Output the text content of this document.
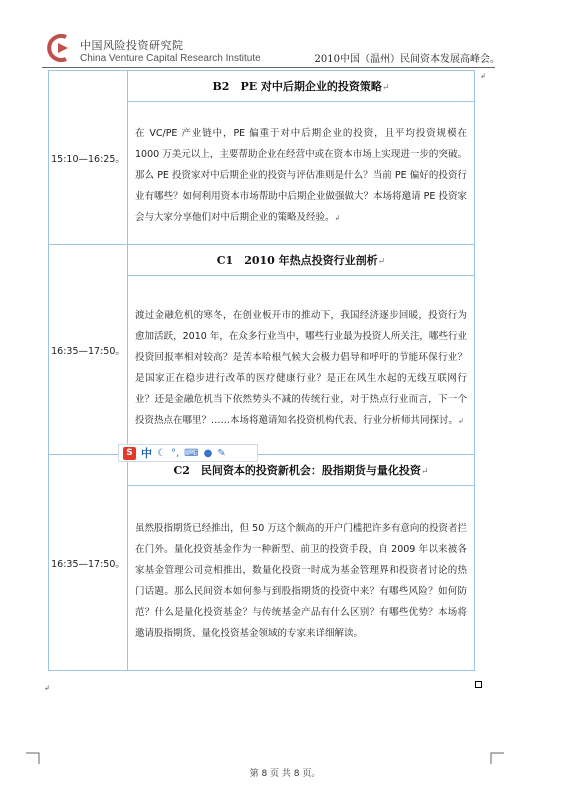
中国风险投资研究院
China Venture Capital Research Institute	2010中国（温州）民间资本发展高峰会。
↲
15:10—16:25。	B2　PE 对中后期企业的投资策略↵
	在 VC/PE 产业链中，PE 偏重于对中后期企业的投资，且平均投资规模在 1000 万美元以上，主要帮助企业在经营中或在资本市场上实现进一步的突破。那么 PE 投资家对中后期企业的投资与评估准则是什么？当前 PE 偏好的投资行业有哪些？如何利用资本市场帮助中后期企业做强做大？本场将邀请 PE 投资家会与大家分享他们对中后期企业的策略及经验。↲
16:35—17:50。	C1　2010 年热点投资行业剖析↵
	渡过金融危机的寒冬，在创业板开市的推动下，我国经济逐步回暖，投资行为愈加活跃，2010 年，在众多行业当中，哪些行业最为投资人所关注，哪些行业投资回报率相对较高？是苦本哈根气候大会极力倡导和呼吁的节能环保行业？是国家正在稳步进行改革的医疗健康行业？是正在风生水起的无线互联网行业？还是金融危机当下依然势头不减的传统行业，对于热点行业而言，下一个投资热点在哪里？……本场将邀请知名投资机构代表、行业分析师共同探讨。↲
16:35—17:50。	C2　民间资本的投资新机会：股指期货与量化投资↵
	虽然股指期货已经推出，但 50 万这个颇高的开户门槛把许多有意向的投资者拦在门外。量化投资基金作为一种新型、前卫的投资手段，自 2009 年以来被各家基金管理公司竞相推出，数量化投资一时成为基金管理界和投资者讨论的热门话题。那么民间资本如何参与到股指期货的投资中来？有哪些风险？如何防范？什么是量化投资基金？与传统基金产品有什么区别？有哪些优势？本场将邀请股指期货、量化投资基金领域的专家来详细解读。
S 中 ☾ °, ⌨ ● ✎
↲
第 8 页 共 8 页。
